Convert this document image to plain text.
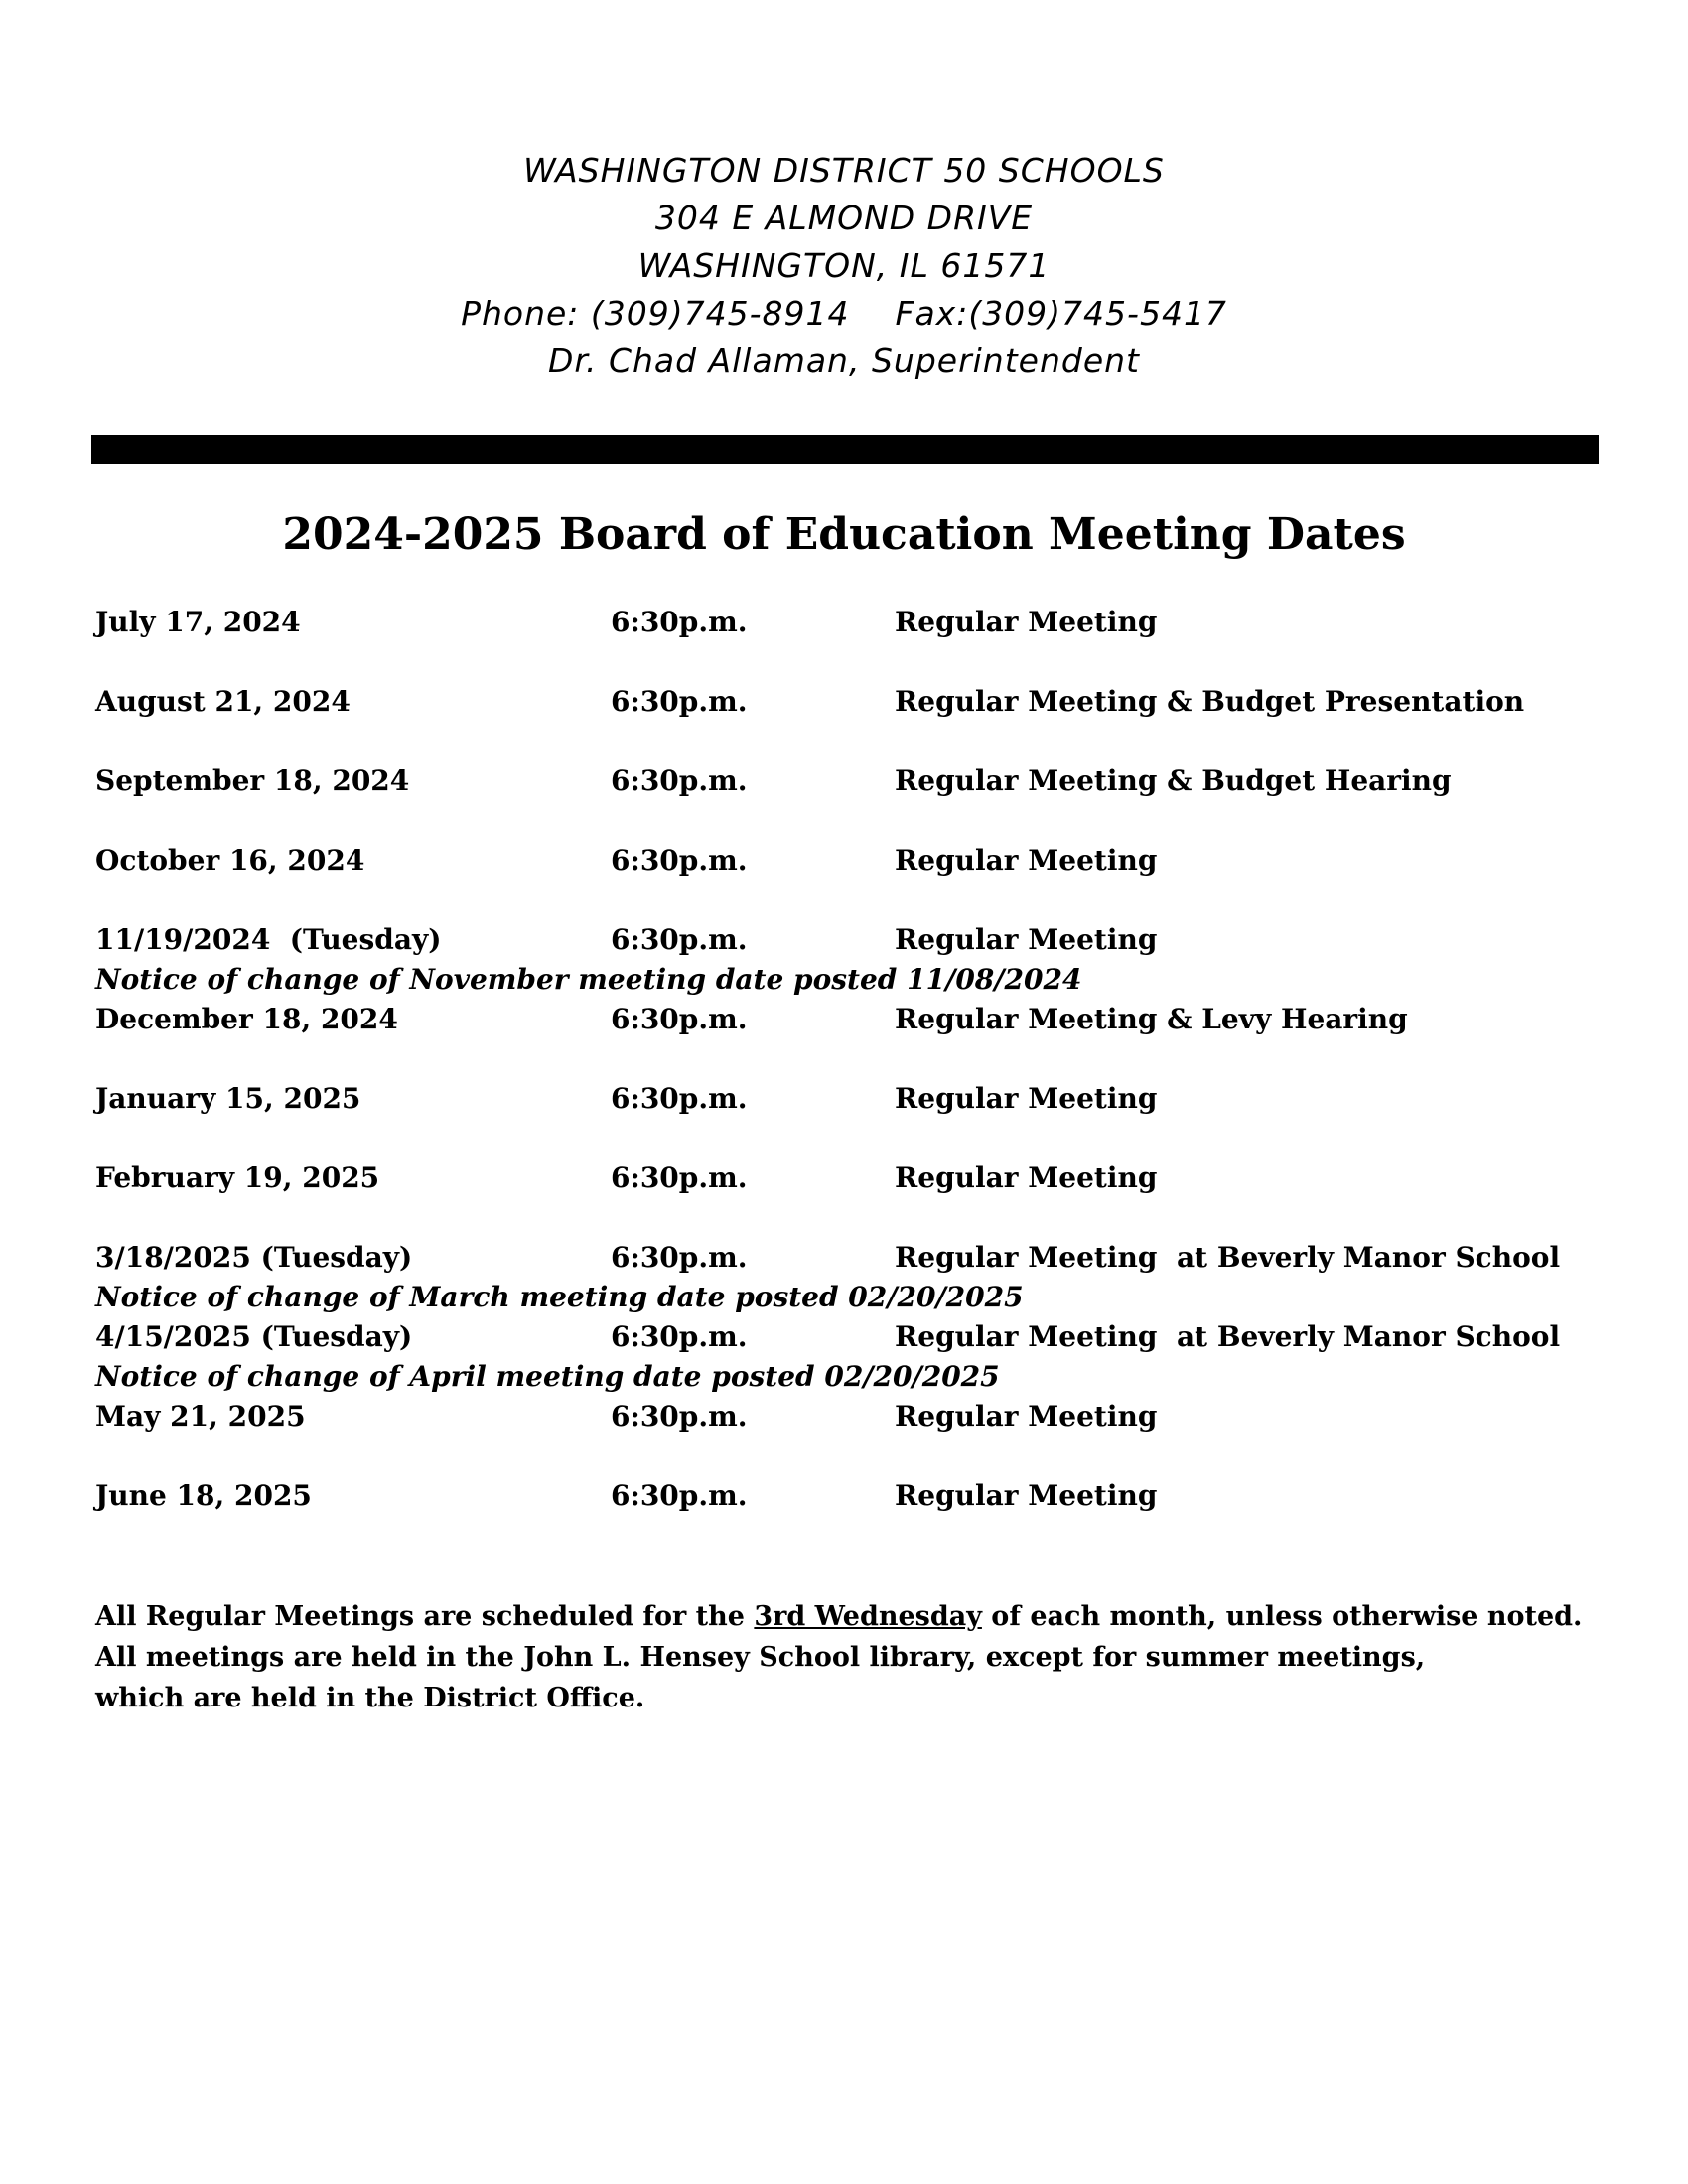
WASHINGTON DISTRICT 50 SCHOOLS
304 E ALMOND DRIVE
WASHINGTON, IL 61571
Phone: (309)745-8914    Fax:(309)745-5417
Dr. Chad Allaman, Superintendent
2024-2025 Board of Education Meeting Dates
July 17, 2024	6:30p.m.	Regular Meeting
August 21, 2024	6:30p.m.	Regular Meeting & Budget Presentation
September 18, 2024	6:30p.m.	Regular Meeting & Budget Hearing
October 16, 2024	6:30p.m.	Regular Meeting
11/19/2024  (Tuesday)	6:30p.m.	Regular Meeting
Notice of change of November meeting date posted 11/08/2024
December 18, 2024	6:30p.m.	Regular Meeting & Levy Hearing
January 15, 2025	6:30p.m.	Regular Meeting
February 19, 2025	6:30p.m.	Regular Meeting
3/18/2025 (Tuesday)	6:30p.m.	Regular Meeting at Beverly Manor School
Notice of change of March meeting date posted 02/20/2025
4/15/2025 (Tuesday)	6:30p.m.	Regular Meeting at Beverly Manor School
Notice of change of April meeting date posted 02/20/2025
May 21, 2025	6:30p.m.	Regular Meeting
June 18, 2025	6:30p.m.	Regular Meeting
All Regular Meetings are scheduled for the 3rd Wednesday of each month, unless otherwise noted.
All meetings are held in the John L. Hensey School library, except for summer meetings,
which are held in the District Office.
